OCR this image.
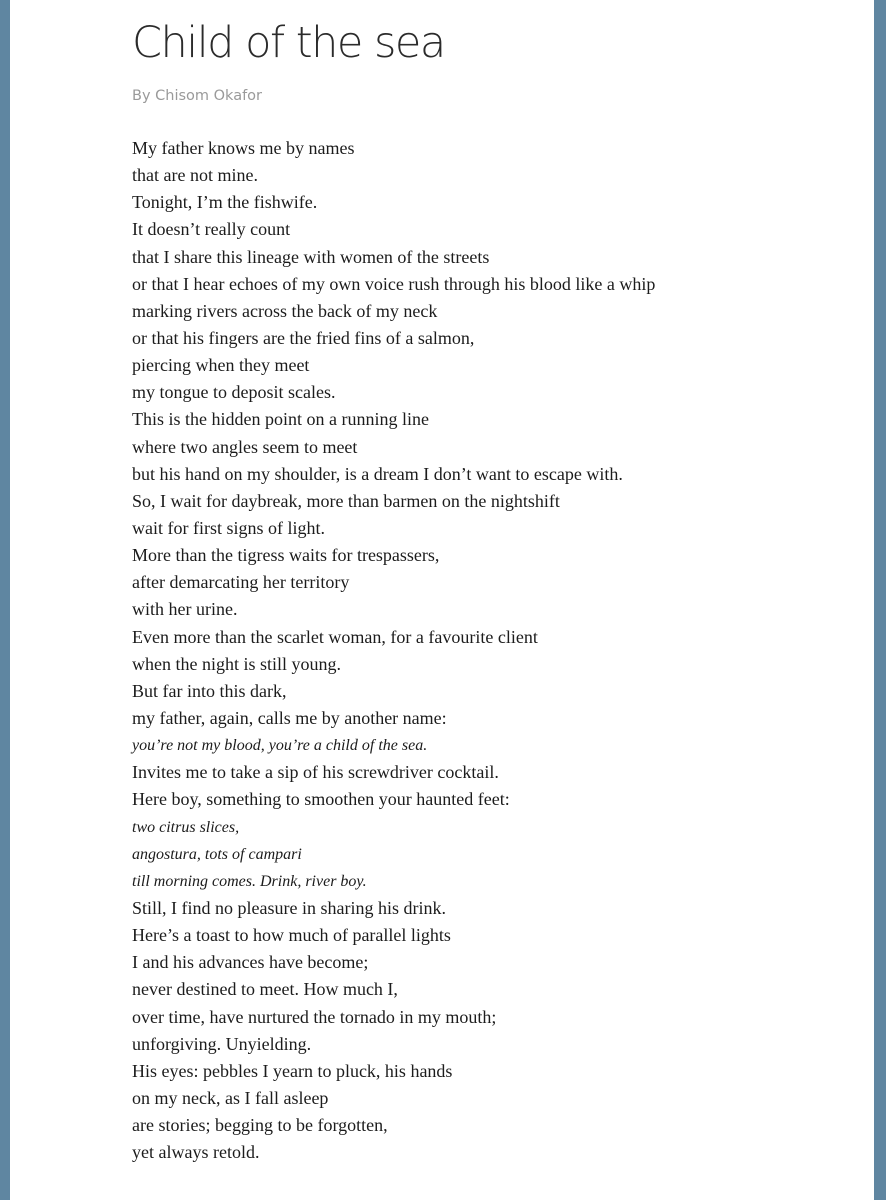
Child of the sea
By Chisom Okafor
My father knows me by names
that are not mine.
Tonight, I’m the fishwife.
It doesn’t really count
that I share this lineage with women of the streets
or that I hear echoes of my own voice rush through his blood like a whip
marking rivers across the back of my neck
or that his fingers are the fried fins of a salmon,
piercing when they meet
my tongue to deposit scales.
This is the hidden point on a running line
where two angles seem to meet
but his hand on my shoulder, is a dream I don’t want to escape with.
So, I wait for daybreak, more than barmen on the nightshift
wait for first signs of light.
More than the tigress waits for trespassers,
after demarcating her territory
with her urine.
Even more than the scarlet woman, for a favourite client
when the night is still young.
But far into this dark,
my father, again, calls me by another name:
you’re not my blood, you’re a child of the sea.
Invites me to take a sip of his screwdriver cocktail.
Here boy, something to smoothen your haunted feet:
two citrus slices,
angostura, tots of campari
till morning comes. Drink, river boy.
Still, I find no pleasure in sharing his drink.
Here’s a toast to how much of parallel lights
I and his advances have become;
never destined to meet. How much I,
over time, have nurtured the tornado in my mouth;
unforgiving. Unyielding.
His eyes: pebbles I yearn to pluck, his hands
on my neck, as I fall asleep
are stories; begging to be forgotten,
yet always retold.
